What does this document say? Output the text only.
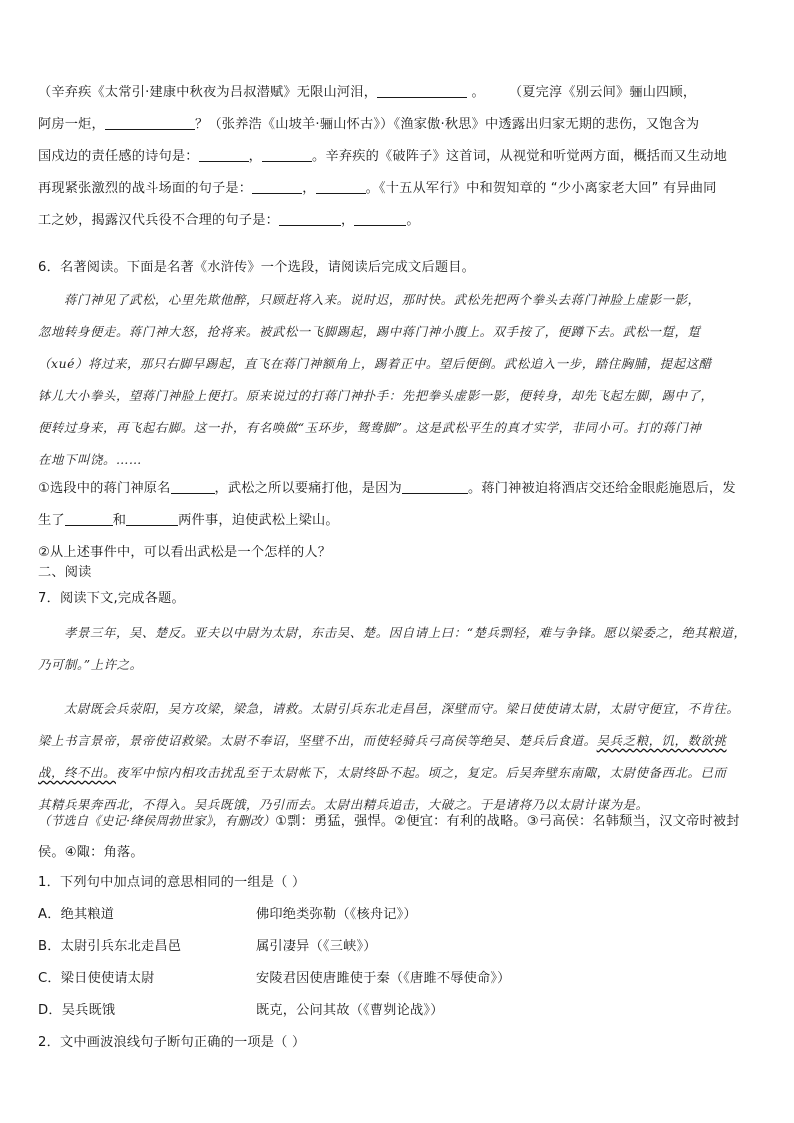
（辛弃疾《太常引·建康中秋夜为吕叔潜赋》无限山河泪，	。 （夏完淳《别云间》骊山四顾，
阿房一炬，	？（张养浩《山坡羊·骊山怀古》）《渔家傲·秋思》中透露出归家无期的悲伤，又饱含为
国戍边的责任感的诗句是：	，	。辛弃疾的《破阵子》这首词，从视觉和听觉两方面，概括而又生动地
再现紧张激烈的战斗场面的句子是：	，	。《十五从军行》中和贺知章的 “少小离家老大回” 有异曲同
工之妙，揭露汉代兵役不合理的句子是：	，	。
6．名著阅读。下面是名著《水浒传》一个选段，请阅读后完成文后题目。
蒋门神见了武松，心里先欺他醉，只顾赶将入来。说时迟，那时快。武松先把两个拳头去蒋门神脸上虚影一影，
忽地转身便走。蒋门神大怒，抢将来。被武松一飞脚踢起，踢中蒋门神小腹上。双手按了，便蹲下去。武松一踅，踅
（xué）将过来，那只右脚早踢起，直飞在蒋门神额角上，踢着正中。望后便倒。武松追入一步，踏住胸脯，提起这醋
钵儿大小拳头，望蒋门神脸上便打。原来说过的打蒋门神扑手：先把拳头虚影一影，便转身，却先飞起左脚，踢中了，
便转过身来，再飞起右脚。这一扑，有名唤做“玉环步，鸳鸯脚”。这是武松平生的真才实学，非同小可。打的蒋门神
在地下叫饶。……
①选段中的蒋门神原名	，武松之所以要痛打他，是因为	。蒋门神被迫将酒店交还给金眼彪施恩后，发
生了	和	两件事，迫使武松上梁山。
②从上述事件中，可以看出武松是一个怎样的人？
二、阅读
7．阅读下文,完成各题。
孝景三年，吴、楚反。亚夫以中尉为太尉，东击吴、楚。因自请上曰：“楚兵剽轻，难与争锋。愿以梁委之，绝其粮道，
乃可制。”上许之。
太尉既会兵荥阳，吴方攻梁，梁急，请救。太尉引兵东北走昌邑，深壁而守。梁日使使请太尉，太尉守便宜，不肯往。
梁上书言景帝，景帝使诏救梁。太尉不奉诏，坚壁不出，而使轻骑兵弓高侯等绝吴、楚兵后食道。吴兵乏粮，饥，数欲挑
战，终不出。夜军中惊内相攻击扰乱至于太尉帐下，太尉终卧不起。顷之，复定。后吴奔壁东南陬，太尉使备西北。已而
其精兵果奔西北，不得入。吴兵既饿，乃引而去。太尉出精兵追击，大破之。于是诸将乃以太尉计谋为是。
（节选自《史记·绛侯周勃世家》，有删改）①剽：勇猛，强悍。②便宜：有利的战略。③弓高侯：名韩颓当，汉文帝时被封
侯。④陬：角落。
1．下列句中加点词的意思相同的一组是（ ）
A．绝其粮道	佛印绝类弥勒（《核舟记》）
B．太尉引兵东北走昌邑	属引凄异（《三峡》）
C．梁日使使请太尉	安陵君因使唐雎使于秦（《唐雎不辱使命》）
D．吴兵既饿	既克，公问其故（《曹刿论战》）
2．文中画波浪线句子断句正确的一项是（ ）
